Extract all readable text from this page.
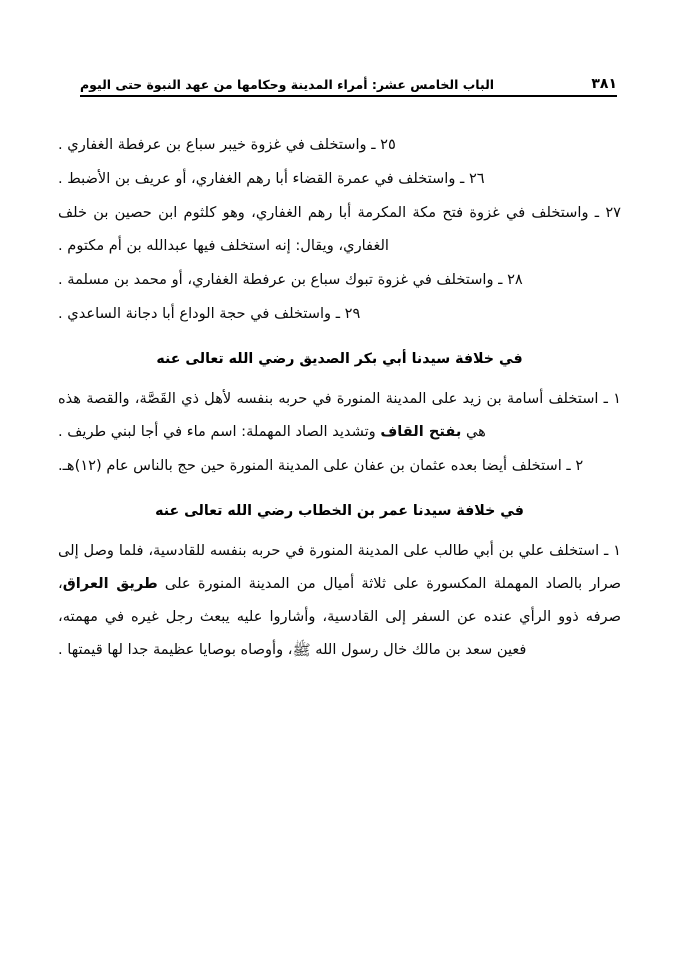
الباب الخامس عشر: أمراء المدينة وحكامها من عهد النبوة حتى اليوم	٣٨١

٢٥ ـ واستخلف في غزوة خيبر سباع بن عرفطة الغفاري .

٢٦ ـ واستخلف في عمرة القضاء أبا رهم الغفاري، أو عريف بن الأضبط .

٢٧ ـ واستخلف في غزوة فتح مكة المكرمة أبا رهم الغفاري، وهو كلثوم ابن حصين بن خلف الغفاري، ويقال: إنه استخلف فيها عبدالله بن أم مكتوم .

٢٨ ـ واستخلف في غزوة تبوك سباع بن عرفطة الغفاري، أو محمد بن مسلمة .

٢٩ ـ واستخلف في حجة الوداع أبا دجانة الساعدي .

في خلافة سيدنا أبي بكر الصديق رضي الله تعالى عنه

١ ـ استخلف أسامة بن زيد على المدينة المنورة في حربه بنفسه لأهل ذي القَصَّة، والقصة هذه هي بفتح القاف وتشديد الصاد المهملة: اسم ماء في أجا لبني طريف .

٢ ـ استخلف أيضا بعده عثمان بن عفان على المدينة المنورة حين حج بالناس عام (١٢)هـ.

في خلافة سيدنا عمر بن الخطاب رضي الله تعالى عنه

١ ـ استخلف علي بن أبي طالب على المدينة المنورة في حربه بنفسه للقادسية، فلما وصل إلى صرار بالصاد المهملة المكسورة على ثلاثة أميال من المدينة المنورة على طريق العراق، صرفه ذوو الرأي عنده عن السفر إلى القادسية، وأشاروا عليه يبعث رجل غيره في مهمته، فعين سعد بن مالك خال رسول الله ﷺ، وأوصاه بوصايا عظيمة جدا لها قيمتها .
